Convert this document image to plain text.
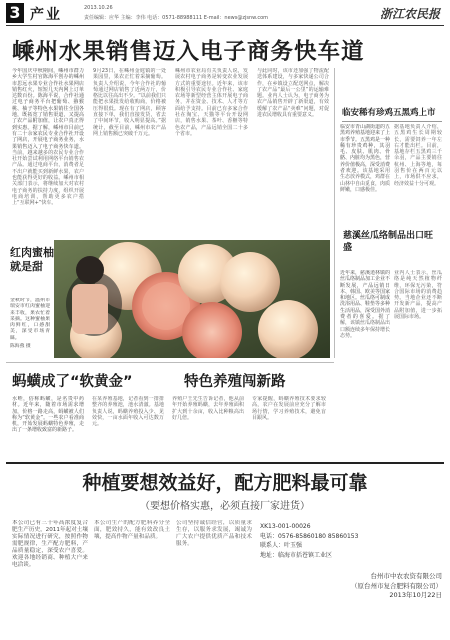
3 产业	2013.10.26
责任编辑：应华 主编：李伟 电话：0571-88988111 E-mail：news@zjsnw.com	浙江农民报
嵊州水果销售迈入电子商务快车道
今年国庆中秋期间，嵊州市群力乡大学生村官陈海平创办的嵊州市思远水果专业合作社水果网店销售红火，短短几天内网上订单达数百份。陈海平说，合作社通过电子商务平台把葡萄、猕猴桃、柚子等特色水果销往全国各地，既拓宽了销售渠道，又提高了农产品附加值，让农户真正得到实惠。据了解，嵊州市目前已有二十余家农民专业合作社开设了网店，开展电子商务业务，水果销售迈入了电子商务快车道。当前，越来越多的农民专业合作社开始尝试利用网络平台销售农产品。通过电商平台，消费者足不出户就能买到新鲜水果，农户也能获得更好的收益。嵊州市相关部门表示，将继续加大对农村电子商务的扶持力度，组织开展电商培训，帮助更多农户搭上“互联网+”快车。
9月23日，在嵊州金庭镇的一处果园里，果农正忙着采摘葡萄。负责人介绍说，今年合作社的葡萄通过网店销售了近两万斤，价格比以往高出不少。“以前我们只能把水果批发给收购商，价格被压得很低。现在有了网店，顾客直接下单，我们直接发货，省去了中间环节，收入明显提高。”据统计，截至目前，嵊州市农产品网上销售额已突破千万元。
嵊州市农业局有关负责人说，发展农村电子商务是转变农业发展方式的重要途径。近年来，该市积极引导农民专业合作社、家庭农场等新型经营主体开展电子商务，并在资金、技术、人才等方面给予支持。目前已有多家合作社在淘宝、天猫等平台开设网店，销售水果、茶叶、香榧等特色农产品，产品远销全国二十多个省市。
与此同时，该市还加强了物流配送体系建设，与多家快递公司合作，在乡镇设立配送网点，解决了农产品“最后一公里”的运输难题。业内人士认为，电子商务为农产品销售开辟了新渠道，有效缓解了农产品“卖难”问题，对促进农民增收具有重要意义。	临安稀有珍鸡五黑鸡上市
临安市青山湖街道的五黑鸡养殖基地迎来了上市季节。五黑鸡是一种稀有珍贵鸡种，其羽毛、皮肤、肌肉、骨骼、内脏均为黑色，营养价值极高，深受消费者欢迎。该基地采用生态放养模式，鸡群在山林中自由觅食，肉质鲜嫩，口感极佳。
据基地负责人介绍，五黑鸡生长周期较长，需要饲养一年左右才能出栏。目前，基地存栏五黑鸡三千余羽，产品主要销往杭州、上海等地，每羽售价在两百元以上，市场供不应求，经济效益十分可观。
慈溪丝瓜络制品出口旺盛
近年来，慈溪逍林镇的丝瓜络制品加工企业不断发展，产品远销日本、韩国、欧美等国家和地区。丝瓜络可制成洗浴用品、鞋垫等多种生活用品，深受国外消费者的喜爱。据了解，该镇丝瓜络制品出口额连续多年保持增长态势。
业内人士表示，丝瓜络是纯天然植物纤维，环保无污染，符合国际市场的消费趋势。当地企业还不断开发新产品，提高产品附加值，进一步拓展国际市场。
红肉蜜柚
就是甜
金秋时节，温州市瑞安市红肉蜜柚迎来丰收，果农忙着采摘。这种蜜柚果肉鲜红，口感甜美，深受市场青睐。
陈海燕 摄
蚂蟥成了“软黄金”	特色养殖闯新路
水蛭，俗称蚂蟥，是名贵中药材。近年来，随着市场需求增加，价格一路走高，蚂蟥被人们称为“软黄金”。一些农户看准商机，开始发展蚂蟥特色养殖，走出了一条增收致富的新路子。
在某养殖基地，记者看到一排排整齐的养殖池，池水清澈。基地负责人说，蚂蟥养殖投入少、见效快，一亩水面年收入可达数万元。
养殖户王先生告诉记者，他从前年开始养殖蚂蟥，去年养殖面积扩大到十余亩，收入比种粮高出好几倍。
专家提醒，蚂蟥养殖技术要求较高，农户在发展前应充分了解市场行情，学习养殖技术，避免盲目跟风。
种植要想效益好，配方肥料最可靠
（要想价格实惠，必须直接厂家进货）
本公司已有三十年高浓度复合肥生产历史，2011年起对土壤实际情况进行研究，按照作物需肥规律，生产配方肥料，产品质量稳定，深受农户喜爱。欢迎各地经销商、种植大户来电洽谈。
本公司生产的配方肥料养分全面，肥效持久，能有效改良土壤，提高作物产量和品质。
公司坚持诚信经营，以质量求生存，以服务求发展，竭诚为广大农户提供优质产品和技术服务。
XK13-001-00026
电话：0576-85860180 85860153
联系人：叶玉强
地址：临海市括苍镇工业区
台州市中农农资有限公司
（原台州市复合肥料有限公司）
2013年10月22日
